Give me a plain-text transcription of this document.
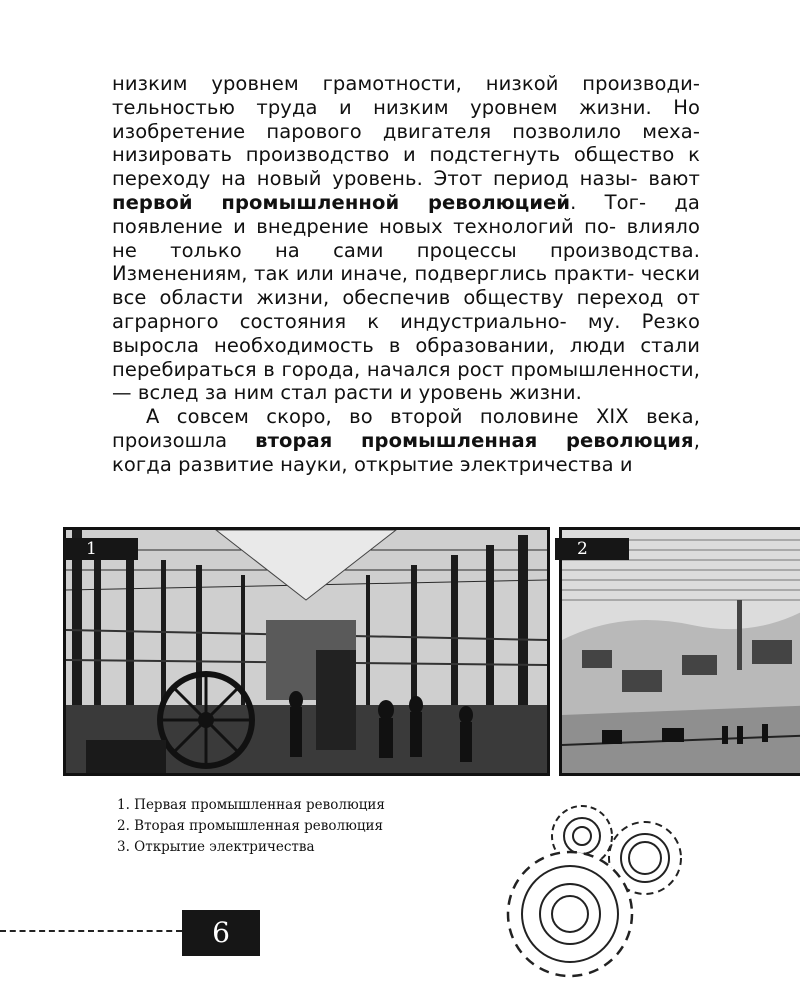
низким уровнем грамотности, низкой производи- тельностью труда и низким уровнем жизни. Но изобретение парового двигателя позволило меха- низировать производство и подстегнуть общество к переходу на новый уровень. Этот период назы- вают первой промышленной революцией. Тог- да появление и внедрение новых технологий по- влияло не только на сами процессы производства. Изменениям, так или иначе, подверглись практи- чески все области жизни, обеспечив обществу переход от аграрного состояния к индустриально- му. Резко выросла необходимость в образовании, люди стали перебираться в города, начался рост промышленности, — вслед за ним стал расти и уровень жизни.

А совсем скоро, во второй половине XIX века, произошла вторая промышленная революция, когда развитие науки, открытие электричества и

1	2
1. Первая промышленная революция
2. Вторая промышленная революция
3. Открытие электричества
6
